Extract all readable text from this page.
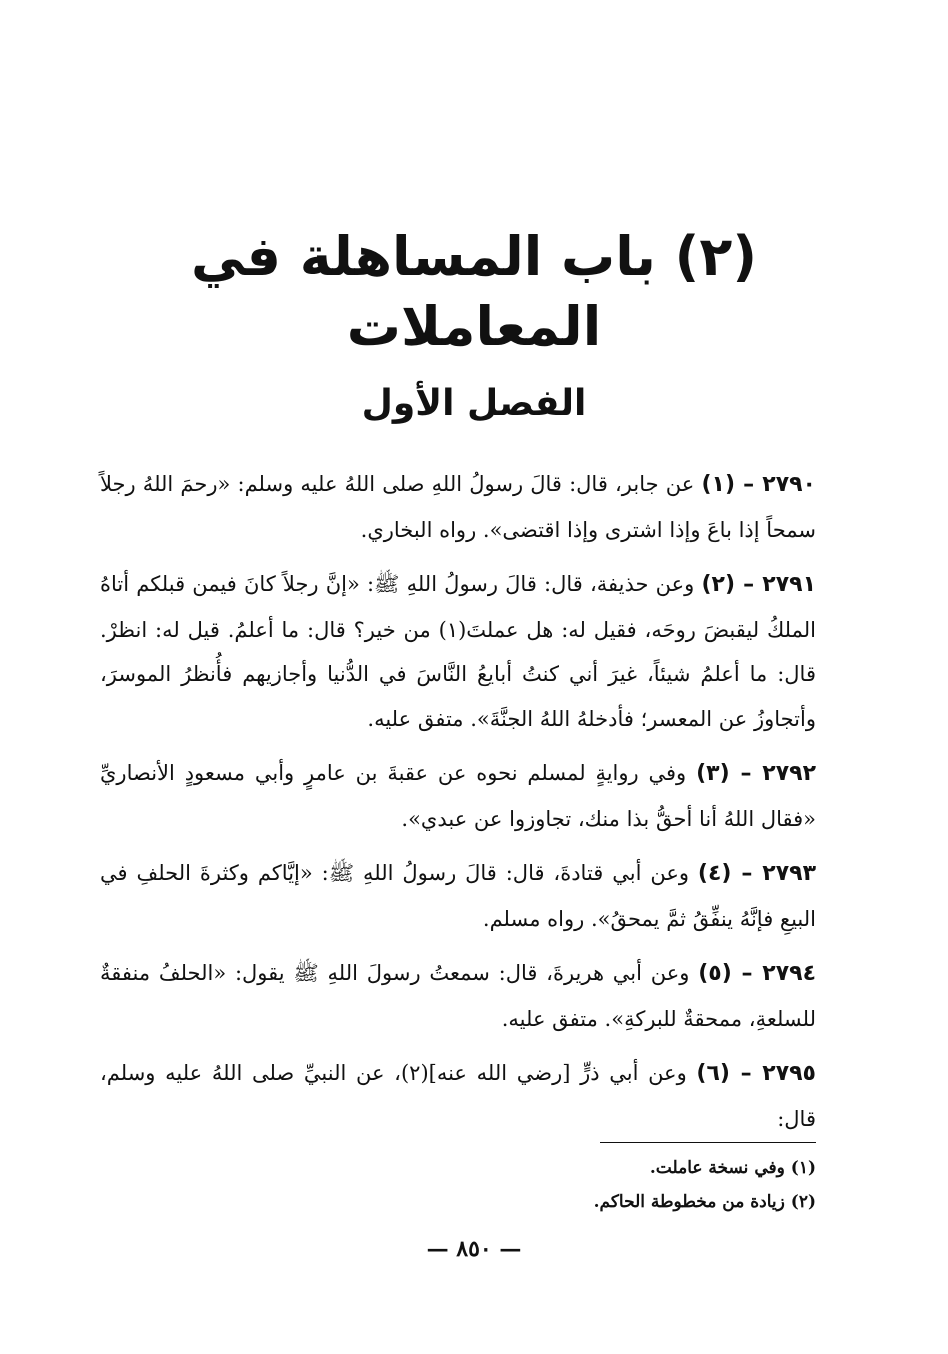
(٢) باب المساهلة في المعاملات
الفصل الأول

٢٧٩٠ – (١) عن جابر، قال: قالَ رسولُ اللهِ صلى اللهُ عليه وسلم: «رحمَ اللهُ رجلاً سمحاً إذا باعَ وإذا اشترى وإذا اقتضى». رواه البخاري.

٢٧٩١ – (٢) وعن حذيفة، قال: قالَ رسولُ اللهِ ﷺ: «إنَّ رجلاً كانَ فيمن قبلكم أتاهُ الملكُ ليقبضَ روحَه، فقيل له: هل عملتَ(١) من خير؟ قال: ما أعلمُ. قيل له: انظرْ. قال: ما أعلمُ شيئاً، غيرَ أني كنتُ أبايعُ النَّاسَ في الدُّنيا وأجازيهم فأُنظرُ الموسرَ، وأتجاوزُ عن المعسر؛ فأدخلهُ اللهُ الجنَّةَ». متفق عليه.

٢٧٩٢ – (٣) وفي روايةٍ لمسلم نحوه عن عقبةَ بن عامرٍ وأبي مسعودٍ الأنصاريِّ «فقال اللهُ أنا أحقُّ بذا منك، تجاوزوا عن عبدي».

٢٧٩٣ – (٤) وعن أبي قتادةَ، قال: قالَ رسولُ اللهِ ﷺ: «إيَّاكم وكثرةَ الحلفِ في البيعِ فإنَّهُ ينفِّقُ ثمَّ يمحقُ». رواه مسلم.

٢٧٩٤ – (٥) وعن أبي هريرةَ، قال: سمعتُ رسولَ اللهِ ﷺ يقول: «الحلفُ منفقةٌ للسلعةِ، ممحقةٌ للبركةِ». متفق عليه.

٢٧٩٥ – (٦) وعن أبي ذرٍّ [رضي الله عنه](٢)، عن النبيِّ صلى اللهُ عليه وسلم، قال:

(١) وفي نسخة عاملت.

(٢) زيادة من مخطوطة الحاكم.

— ٨٥٠ —
